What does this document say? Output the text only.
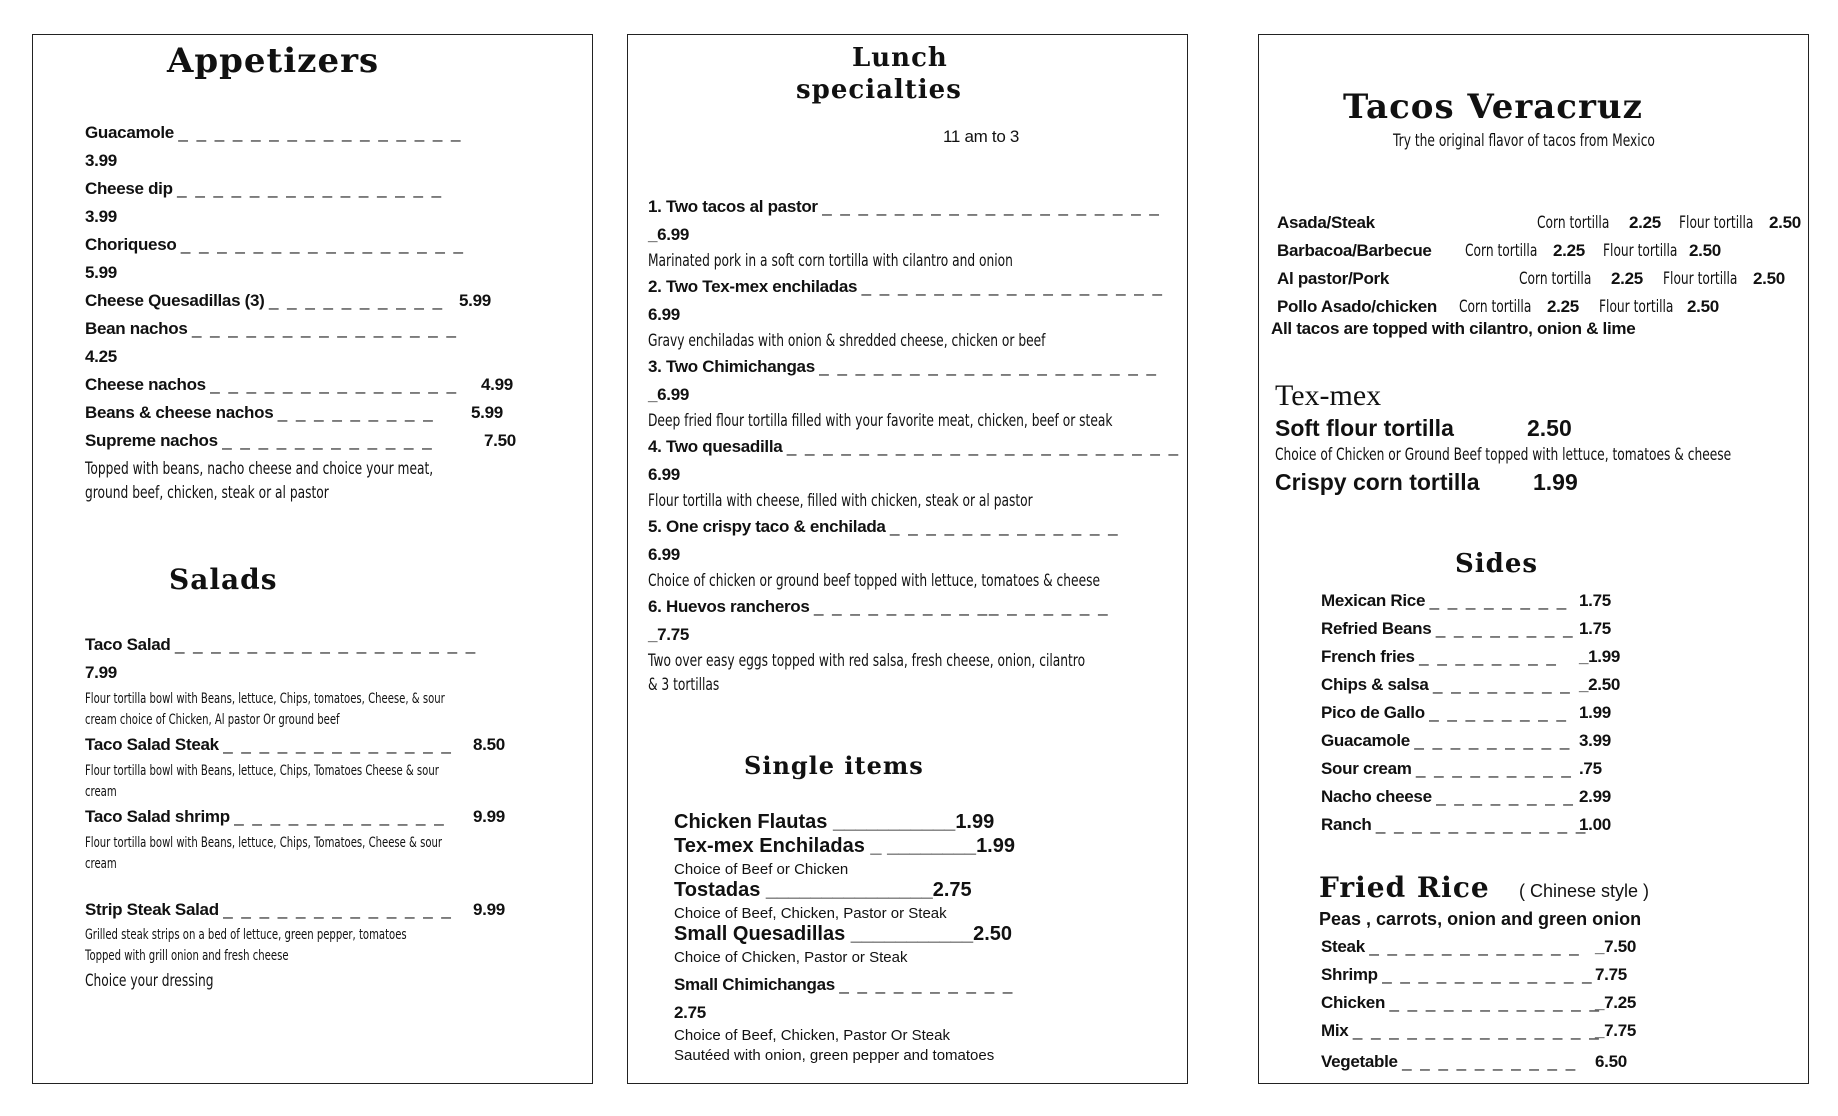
Appetizers
Guacamole _ _ _ _ _ _ _ _ _ _ _ _ _ _ _ _
3.99
Cheese dip _ _ _ _ _ _ _ _ _ _ _ _ _ _ _
3.99
Choriqueso _ _ _ _ _ _ _ _ _ _ _ _ _ _ _ _
5.99
Cheese Quesadillas (3) _ _ _ _ _ _ _ _ _ _ 5.99
Bean nachos _ _ _ _ _ _ _ _ _ _ _ _ _ _ _
4.25
Cheese nachos _ _ _ _ _ _ _ _ _ _ _ _ _ _ 4.99
Beans & cheese nachos _ _ _ _ _ _ _ _ _ 5.99
Supreme nachos _ _ _ _ _ _ _ _ _ _ _ _	7.50
Topped with beans, nacho cheese and choice your meat,
ground beef, chicken, steak or al pastor
Salads
Taco Salad _ _ _ _ _ _ _ _ _ _ _ _ _ _ _ _ _
7.99
Flour tortilla bowl with Beans, lettuce, Chips, tomatoes, Cheese, & sour
cream choice of Chicken, Al pastor Or ground beef
Taco Salad Steak _ _ _ _ _ _ _ _ _ _ _ _ _ 8.50
Flour tortilla bowl with Beans, lettuce, Chips, Tomatoes Cheese & sour
cream
Taco Salad shrimp _ _ _ _ _ _ _ _ _ _ _ _ 9.99
Flour tortilla bowl with Beans, lettuce, Chips, Tomatoes, Cheese & sour
cream
Strip Steak Salad _ _ _ _ _ _ _ _ _ _ _ _ _ 9.99
Grilled steak strips on a bed of lettuce, green pepper, tomatoes
Topped with grill onion and fresh cheese
Choice your dressing
Lunch
specialties
11 am to 3
1. Two tacos al pastor _ _ _ _ _ _ _ _ _ _ _ _ _ _ _ _ _ _ _
_6.99
Marinated pork in a soft corn tortilla with cilantro and onion
2. Two Tex-mex enchiladas _ _ _ _ _ _ _ _ _ _ _ _ _ _ _ _ _
6.99
Gravy enchiladas with onion & shredded cheese, chicken or beef
3. Two Chimichangas _ _ _ _ _ _ _ _ _ _ _ _ _ _ _ _ _ _ _
_6.99
Deep fried flour tortilla filled with your favorite meat, chicken, beef or steak
4. Two quesadilla _ _ _ _ _ _ _ _ _ _ _ _ _ _ _ _ _ _ _ _ _ _
6.99
Flour tortilla with cheese, filled with chicken, steak or al pastor
5. One crispy taco & enchilada _ _ _ _ _ _ _ _ _ _ _ _ _
6.99
Choice of chicken or ground beef topped with lettuce, tomatoes & cheese
6. Huevos rancheros _ _ _ _ _ _ _ _ _ __ _ _ _ _ _ _
_7.75
Two over easy eggs topped with red salsa, fresh cheese, onion, cilantro
& 3 tortillas
Single items
Chicken Flautas ___________1.99
Tex-mex Enchiladas _ ________1.99
Choice of Beef or Chicken
Tostadas _______________2.75
Choice of Beef, Chicken, Pastor or Steak
Small Quesadillas ___________2.50
Choice of Chicken, Pastor or Steak
Small Chimichangas _ _ _ _ _ _ _ _ _ _
2.75
Choice of Beef, Chicken, Pastor Or Steak
Sautéed with onion, green pepper and tomatoes
Tacos Veracruz
Try the original flavor of tacos from Mexico
Asada/Steak	Corn tortilla 2.25 Flour tortilla 2.50
Barbacoa/Barbecue Corn tortilla 2.25 Flour tortilla 2.50
Al pastor/Pork	Corn tortilla 2.25 Flour tortilla 2.50
Pollo Asado/chicken Corn tortilla 2.25 Flour tortilla 2.50
All tacos are topped with cilantro, onion & lime
Tex-mex
Soft flour tortilla	2.50
Choice of Chicken or Ground Beef topped with lettuce, tomatoes & cheese
Crispy corn tortilla 1.99
Sides
Mexican Rice _ _ _ _ _ _ _ _ 1.75
Refried Beans _ _ _ _ _ _ _ _ 1.75
French fries _ _ _ _ _ _ _ _ _1.99
Chips & salsa _ _ _ _ _ _ _ _ _2.50
Pico de Gallo _ _ _ _ _ _ _ _ 1.99
Guacamole _ _ _ _ _ _ _ _ _ 3.99
Sour cream _ _ _ _ _ _ _ _ _ .75
Nacho cheese _ _ _ _ _ _ _ _ 2.99
Ranch _ _ _ _ _ _ _ _ _ _ _ _
1.00
Fried Rice ( Chinese style )
Peas , carrots, onion and green onion
Steak _ _ _ _ _ _ _ _ _ _ _ _ _7.50
Shrimp _ _ _ _ _ _ _ _ _ _ _ _ 7.75
Chicken _ _ _ _ _ _ _ _ _ _ _ _
_7.25
Mix _ _ _ _ _ _ _ _ _ _ _ _ _ _
_7.75
Vegetable _ _ _ _ _ _ _ _ _ _ 6.50
